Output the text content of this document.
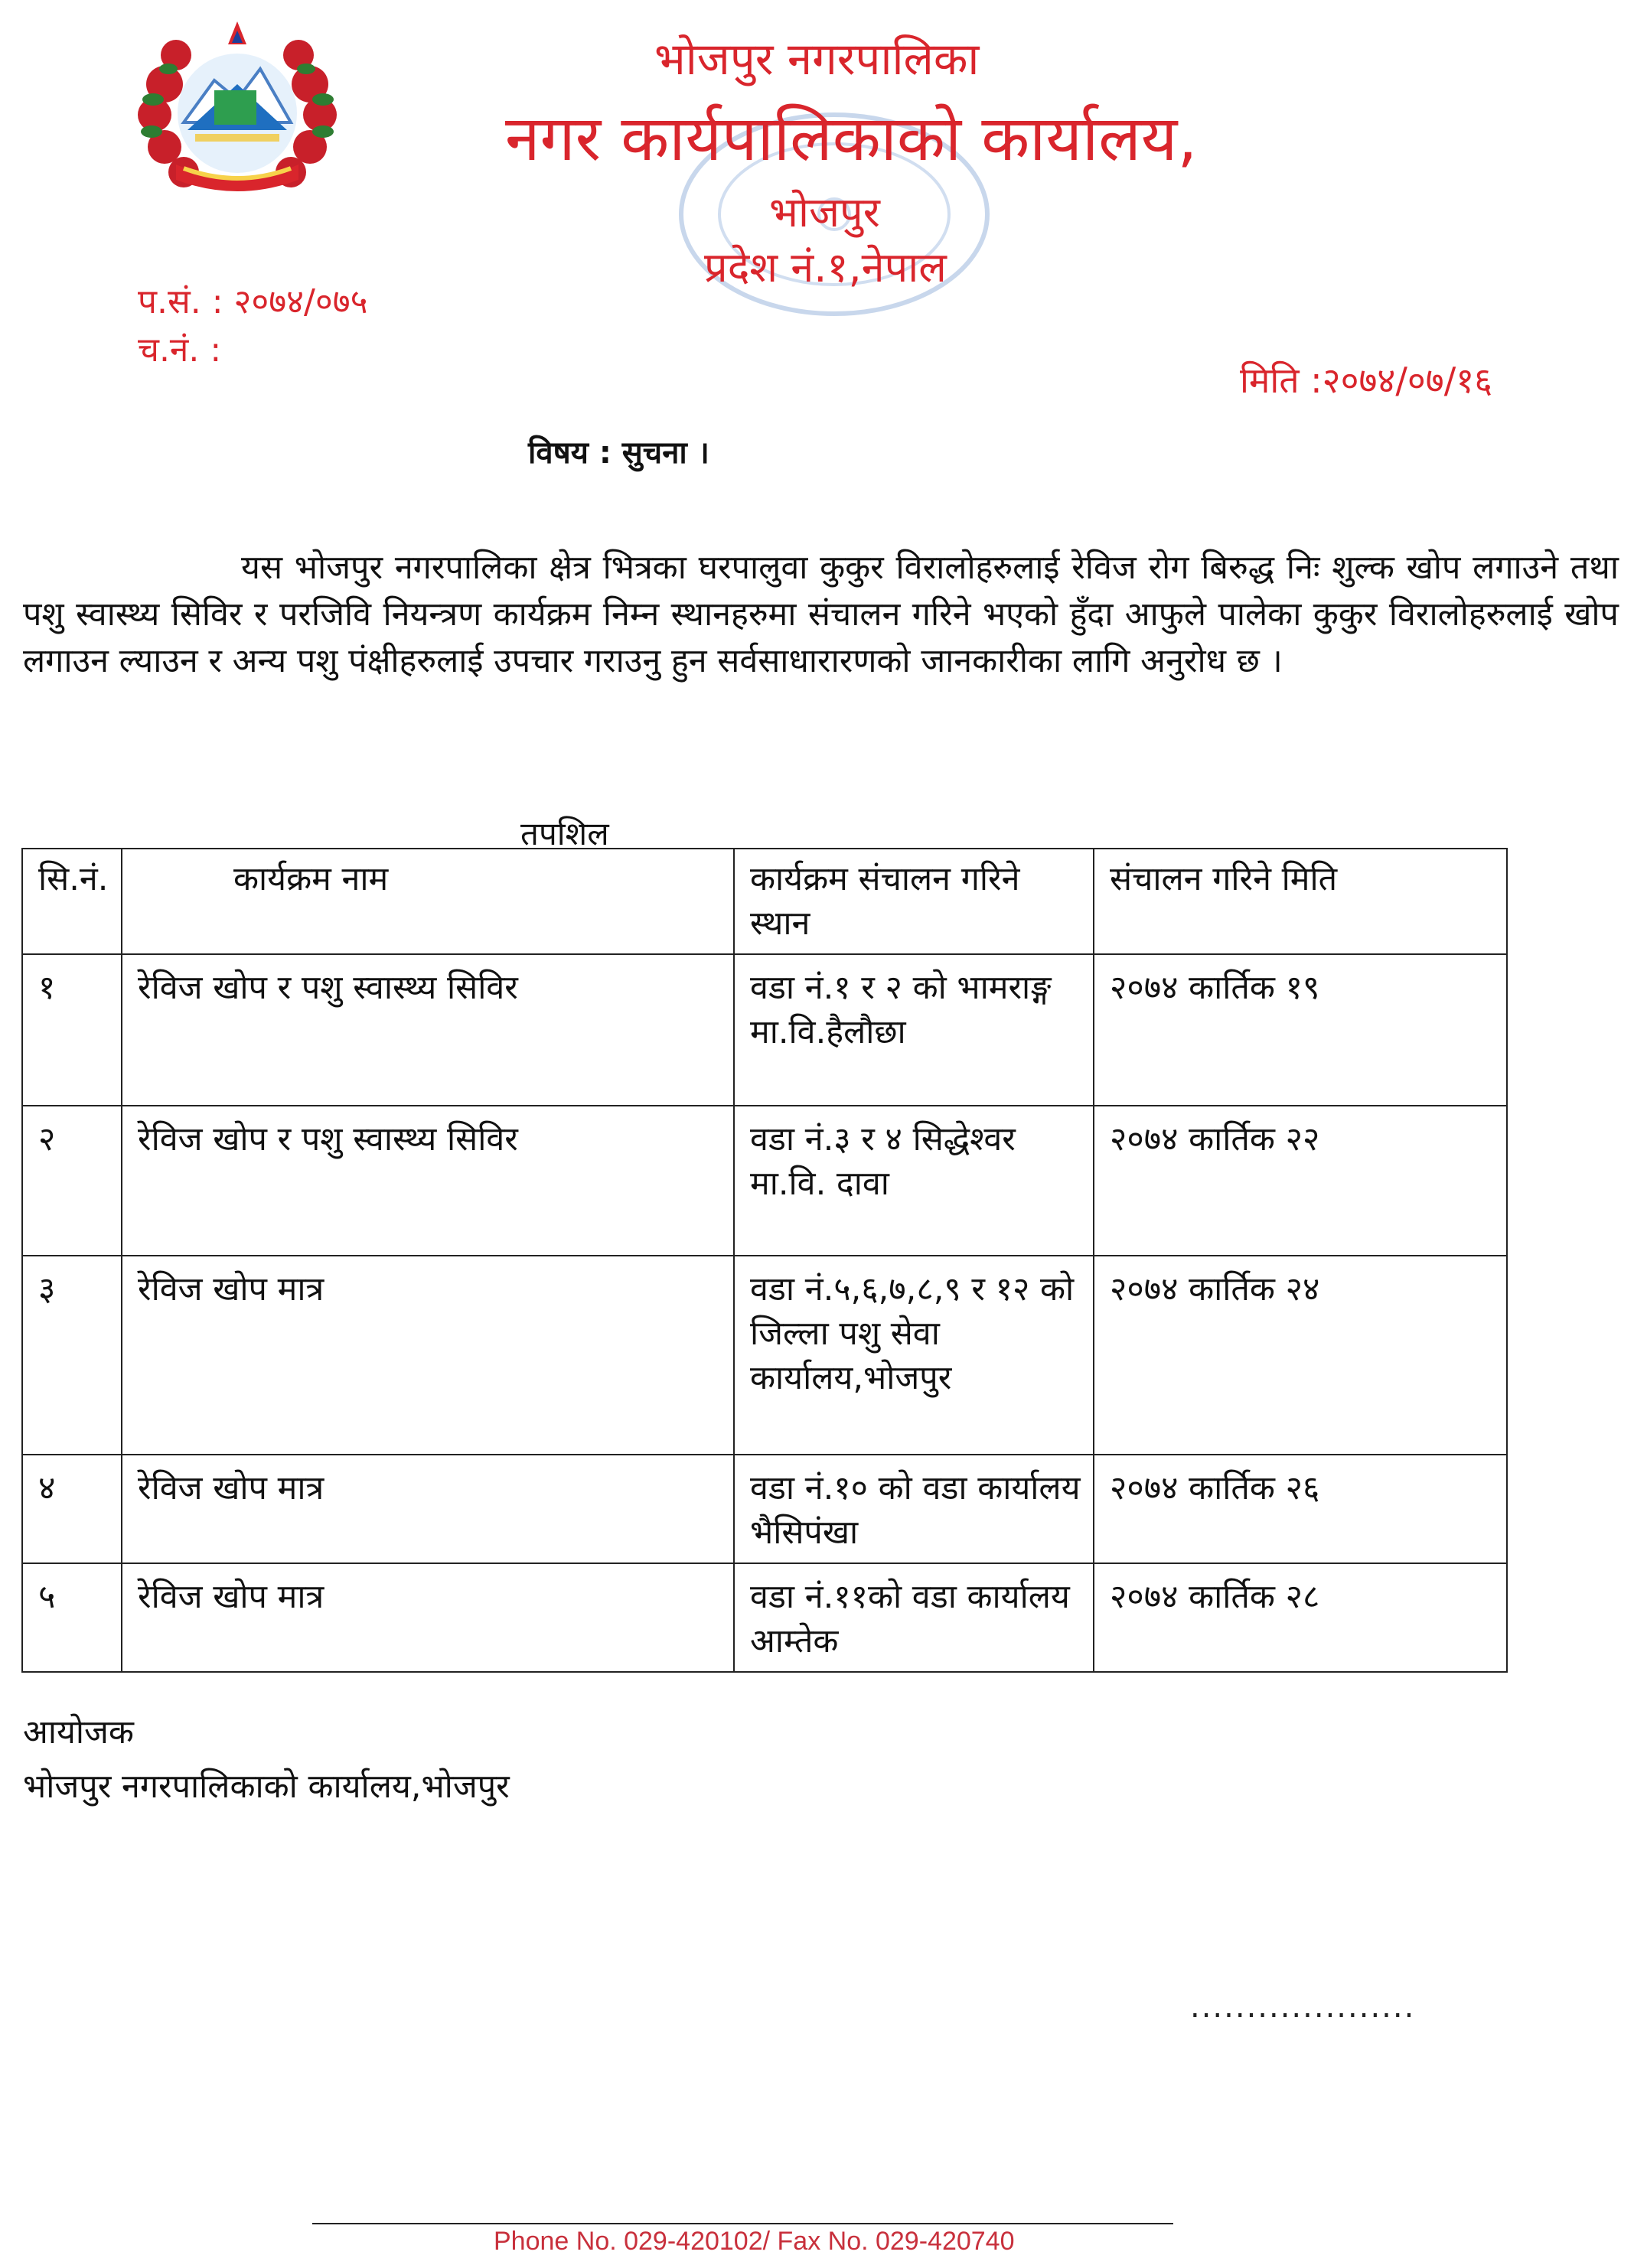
भोजपुर नगरपालिका
नगर कार्यपालिकाको कार्यालय,
भोजपुर
प्रदेश नं.१,नेपाल
प.सं. : २०७४/०७५
च.नं. :
मिति :२०७४/०७/१६
विषय : सुचना ।
यस भोजपुर नगरपालिका क्षेत्र भित्रका घरपालुवा कुकुर विरालोहरुलाई रेविज रोग बिरुद्ध निः शुल्क खोप लगाउने तथा पशु स्वास्थ्य सिविर र परजिवि नियन्त्रण कार्यक्रम निम्न स्थानहरुमा संचालन गरिने भएको हुँदा आफुले पालेका कुकुर विरालोहरुलाई खोप लगाउन ल्याउन र अन्य पशु पंक्षीहरुलाई उपचार गराउनु हुन सर्वसाधारारणको जानकारीका लागि अनुरोध छ ।
तपशिल
सि.नं.	कार्यक्रम नाम	कार्यक्रम संचालन गरिने स्थान	संचालन गरिने मिति
१	रेविज खोप र पशु स्वास्थ्य सिविर	वडा नं.१ र २ को भामराङ्ग मा.वि.हैलौछा	२०७४ कार्तिक १९
२	रेविज खोप र पशु स्वास्थ्य सिविर	वडा नं.३ र ४ सिद्धेश्वर मा.वि. दावा	२०७४ कार्तिक २२
३	रेविज खोप मात्र	वडा नं.५,६,७,८,९ र १२ को जिल्ला पशु सेवा कार्यालय,भोजपुर	२०७४ कार्तिक २४
४	रेविज खोप मात्र	वडा नं.१० को वडा कार्यालय भैसिपंखा	२०७४ कार्तिक २६
५	रेविज खोप मात्र	वडा नं.११को वडा कार्यालय आम्तेक	२०७४ कार्तिक २८
आयोजक
भोजपुर नगरपालिकाको कार्यालय,भोजपुर
....................
Phone No. 029-420102/ Fax No. 029-420740
